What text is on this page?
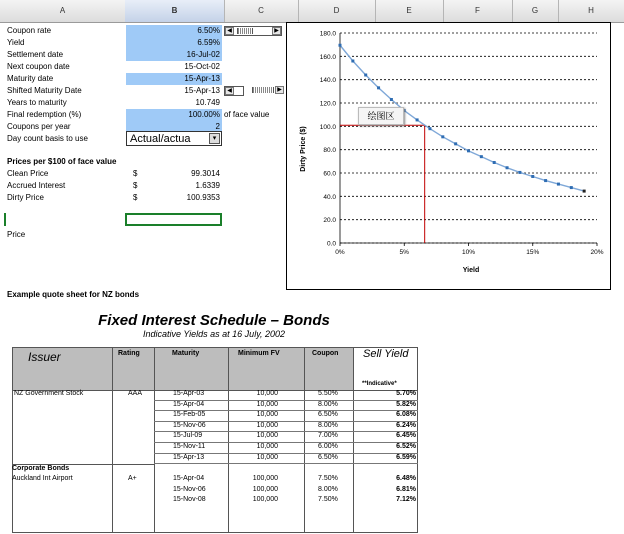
A	B	C	D	E	F	G	H
Coupon rate	6.50%
Yield	6.59%
Settlement date	16-Jul-02
Next coupon date	15-Oct-02
Maturity date	15-Apr-13
Shifted Maturity Date	15-Apr-13
Years to maturity	10.749
Final redemption (%)	100.00% of face value
Coupons per year	2
Day count basis to use	Actual/actua	▾
◀	▶
◀	▶
Prices per $100 of face value
Clean Price	$	99.3014
Accrued Interest	$	1.6339
Dirty Price	$	100.9353
Price
Example quote sheet for NZ bonds
0.0
20.0
40.0
60.0
80.0
100.0
120.0
140.0
160.0
180.0
0%	5%	10%	15%	20%
Dirty Price ($)
Yield
绘图区
Fixed Interest Schedule – Bonds
Indicative Yields as at 16 July, 2002
Issuer	Rating	Maturity	Minimum FV	Coupon Sell Yield
**Indicative*
NZ Government Stock	AAA	15-Apr-03	10,000	5.50%	5.70%
15-Apr-04	10,000	8.00%	5.82%
15-Feb-05	10,000	6.50%	6.08%
15-Nov-06	10,000	8.00%	6.24%
15-Jul-09	10,000	7.00%	6.45%
15-Nov-11	10,000	6.00%	6.52%
15-Apr-13	10,000	6.50%	6.59%
Corporate Bonds
Auckland Int Airport	A+	15-Apr-04	100,000	7.50%	6.48%
15-Nov-06	100,000	8.00%	6.81%
15-Nov-08	100,000	7.50%	7.12%
